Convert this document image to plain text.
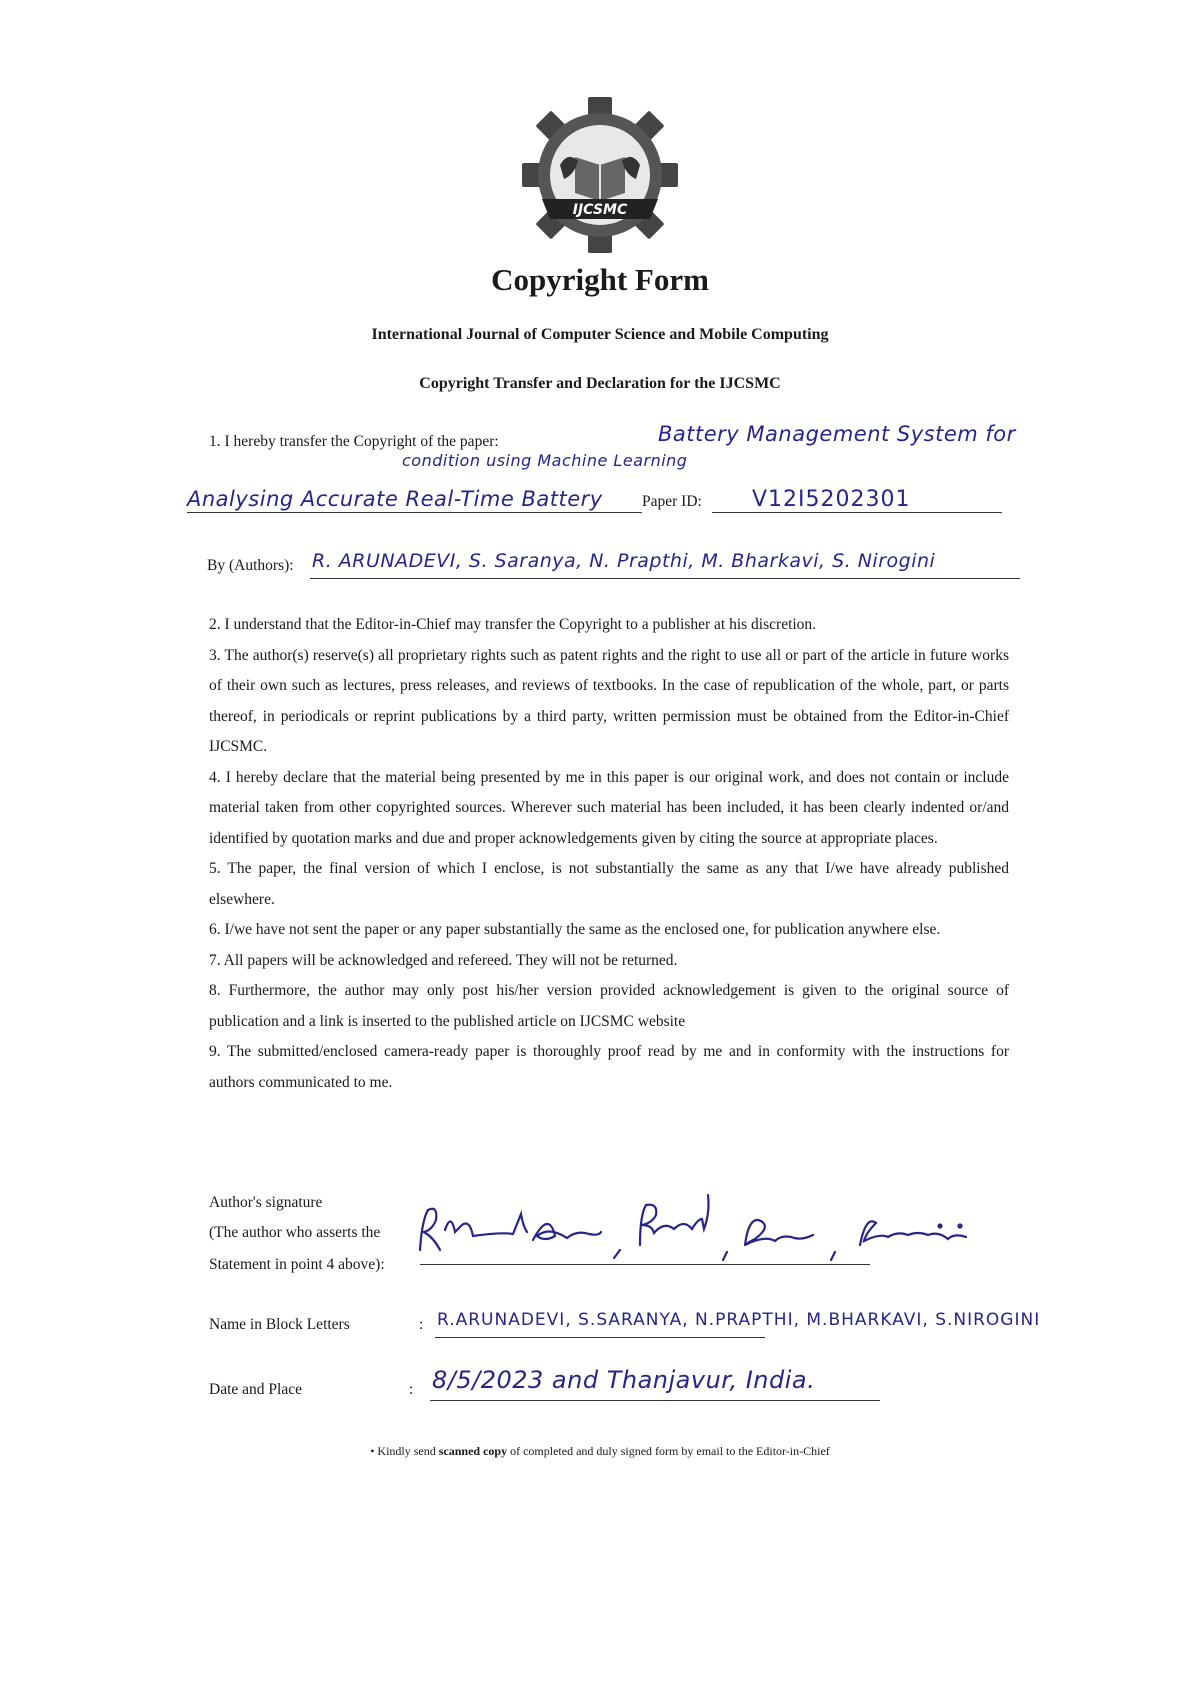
IJCSMC
Copyright Form
International Journal of Computer Science and Mobile Computing
Copyright Transfer and Declaration for the IJCSMC
1. I hereby transfer the Copyright of the paper:	Battery Management System for
condition using Machine Learning
Analysing Accurate Real-Time Battery	Paper ID: V12I5202301
By (Authors): R. ARUNADEVI, S. Saranya, N. Prapthi, M. Bharkavi, S. Nirogini

2. I understand that the Editor-in-Chief may transfer the Copyright to a publisher at his discretion.

3. The author(s) reserve(s) all proprietary rights such as patent rights and the right to use all or part of the article in future works of their own such as lectures, press releases, and reviews of textbooks. In the case of republication of the whole, part, or parts thereof, in periodicals or reprint publications by a third party, written permission must be obtained from the Editor-in-Chief IJCSMC.

4. I hereby declare that the material being presented by me in this paper is our original work, and does not contain or include material taken from other copyrighted sources. Wherever such material has been included, it has been clearly indented or/and identified by quotation marks and due and proper acknowledgements given by citing the source at appropriate places.

5. The paper, the final version of which I enclose, is not substantially the same as any that I/we have already published elsewhere.

6. I/we have not sent the paper or any paper substantially the same as the enclosed one, for publication anywhere else.

7. All papers will be acknowledged and refereed. They will not be returned.

8. Furthermore, the author may only post his/her version provided acknowledgement is given to the original source of publication and a link is inserted to the published article on IJCSMC website

9. The submitted/enclosed camera-ready paper is thoroughly proof read by me and in conformity with the instructions for authors communicated to me.

Author's signature
(The author who asserts the
Statement in point 4 above):
Name in Block Letters	: R.ARUNADEVI, S.SARANYA, N.PRAPTHI, M.BHARKAVI, S.NIROGINI
Date and Place	: 8/5/2023 and Thanjavur, India.
• Kindly send scanned copy of completed and duly signed form by email to the Editor-in-Chief
